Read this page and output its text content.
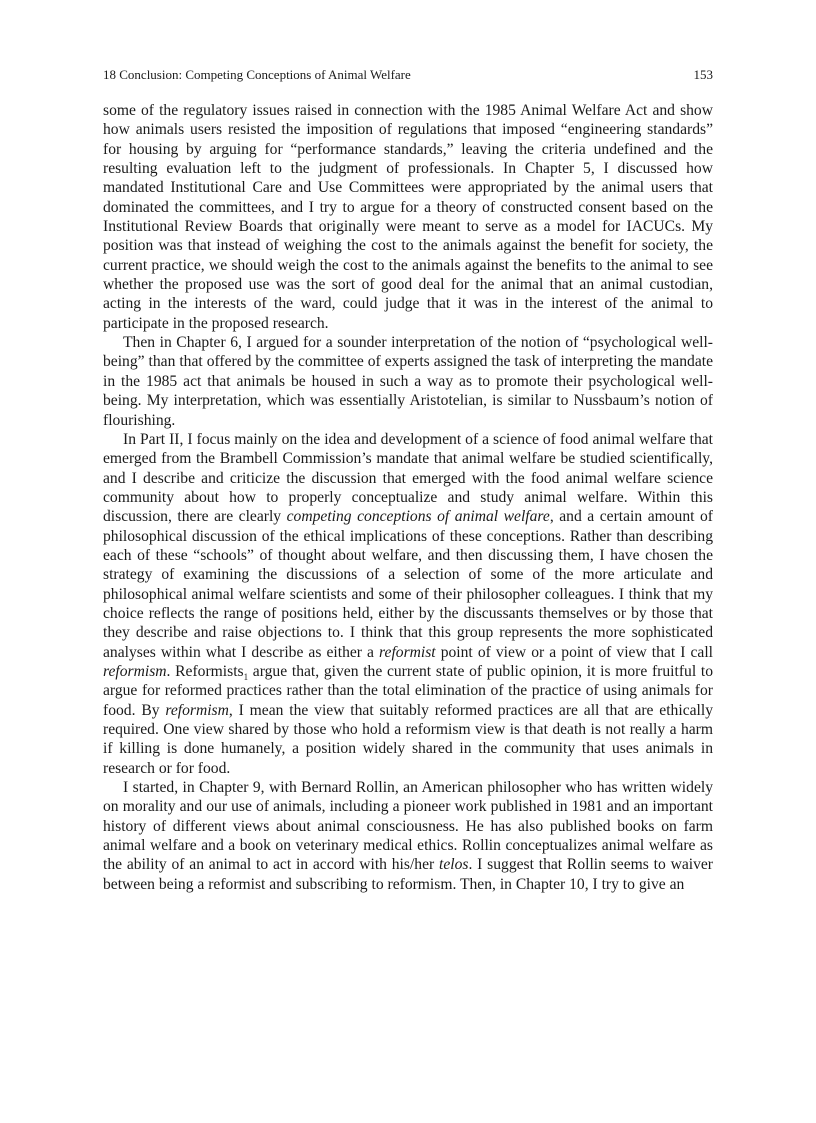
18 Conclusion: Competing Conceptions of Animal Welfare	153

some of the regulatory issues raised in connection with the 1985 Animal Welfare Act and show how animals users resisted the imposition of regulations that imposed “engineering standards” for housing by arguing for “performance standards,” leaving the criteria undefined and the resulting evaluation left to the judgment of professionals. In Chapter 5, I discussed how mandated Institutional Care and Use Committees were appropriated by the animal users that dominated the committees, and I try to argue for a theory of constructed consent based on the Institutional Review Boards that originally were meant to serve as a model for IACUCs. My position was that instead of weighing the cost to the animals against the benefit for society, the current practice, we should weigh the cost to the animals against the benefits to the animal to see whether the proposed use was the sort of good deal for the animal that an animal custodian, acting in the interests of the ward, could judge that it was in the interest of the animal to participate in the proposed research.

Then in Chapter 6, I argued for a sounder interpretation of the notion of “psychological well-being” than that offered by the committee of experts assigned the task of interpreting the mandate in the 1985 act that animals be housed in such a way as to promote their psychological well-being. My interpretation, which was essentially Aristotelian, is similar to Nussbaum’s notion of flourishing.

In Part II, I focus mainly on the idea and development of a science of food animal welfare that emerged from the Brambell Commission’s mandate that animal welfare be studied scientifically, and I describe and criticize the discussion that emerged with the food animal welfare science community about how to properly conceptualize and study animal welfare. Within this discussion, there are clearly competing conceptions of animal welfare, and a certain amount of philosophical discussion of the ethical implications of these conceptions. Rather than describing each of these “schools” of thought about welfare, and then discussing them, I have chosen the strategy of examining the discussions of a selection of some of the more articulate and philosophical animal welfare scientists and some of their philosopher colleagues. I think that my choice reflects the range of positions held, either by the discussants themselves or by those that they describe and raise objections to. I think that this group represents the more sophisticated analyses within what I describe as either a reformist point of view or a point of view that I call reformism. Reformists$_1$ argue that, given the current state of public opinion, it is more fruitful to argue for reformed practices rather than the total elimination of the practice of using animals for food. By reformism, I mean the view that suitably reformed practices are all that are ethically required. One view shared by those who hold a reformism view is that death is not really a harm if killing is done humanely, a position widely shared in the community that uses animals in research or for food.

I started, in Chapter 9, with Bernard Rollin, an American philosopher who has written widely on morality and our use of animals, including a pioneer work published in 1981 and an important history of different views about animal consciousness. He has also published books on farm animal welfare and a book on veterinary medical ethics. Rollin conceptualizes animal welfare as the ability of an animal to act in accord with his/her telos. I suggest that Rollin seems to waiver between being a reformist and subscribing to reformism. Then, in Chapter 10, I try to give an
